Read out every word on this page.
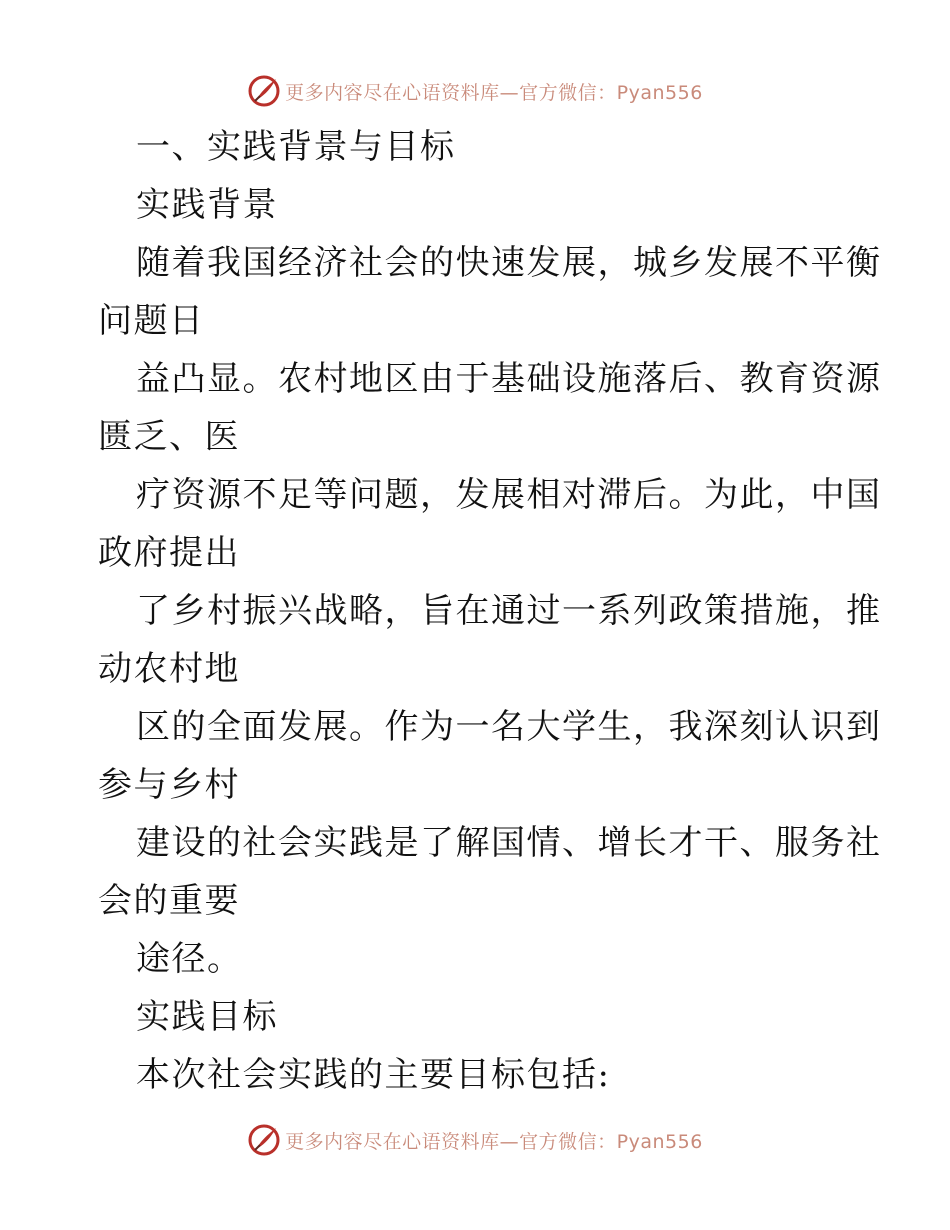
更多内容尽在心语资料库—官方微信：Pyan556
一、实践背景与目标
实践背景
随着我国经济社会的快速发展，城乡发展不平衡
问题日
益凸显。农村地区由于基础设施落后、教育资源
匮乏、医
疗资源不足等问题，发展相对滞后。为此，中国
政府提出
了乡村振兴战略，旨在通过一系列政策措施，推
动农村地
区的全面发展。作为一名大学生，我深刻认识到
参与乡村
建设的社会实践是了解国情、增长才干、服务社
会的重要
途径。
实践目标
本次社会实践的主要目标包括:
更多内容尽在心语资料库—官方微信：Pyan556
